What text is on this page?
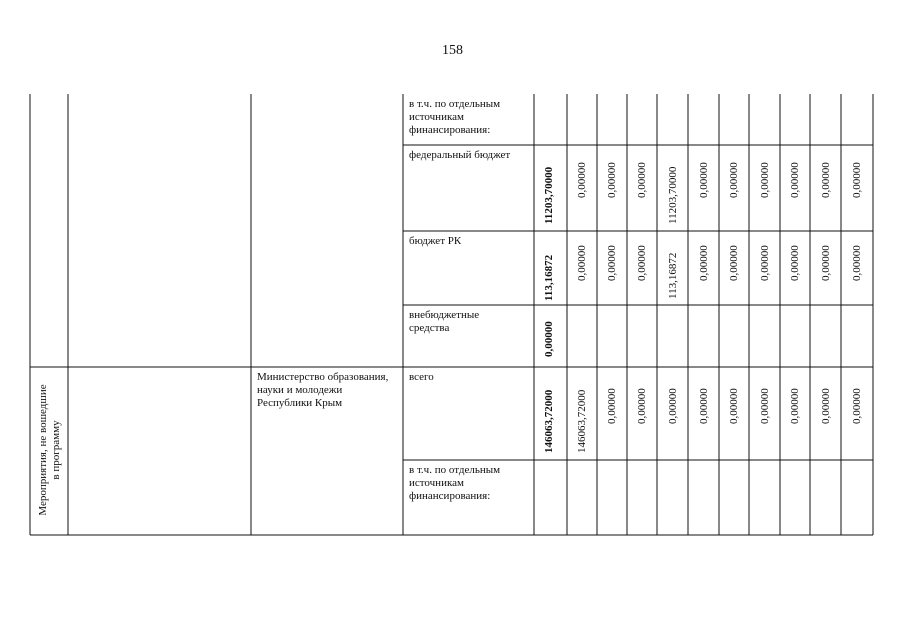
158
в т.ч. по отдельным источникам финансирования:
федеральный бюджет
бюджет РК
внебюджетные средства
11203,70000 0,00000 0,00000 0,00000 11203,70000 0,00000 0,00000 0,00000 0,00000 0,00000 0,00000
113,16872 0,00000 0,00000 0,00000 113,16872 0,00000 0,00000 0,00000 0,00000 0,00000 0,00000
0,00000
Мероприятия, не вошедшие в программу
Министерство образования, науки и молодежи Республики Крым
всего
в т.ч. по отдельным источникам финансирования:
146063,72000 146063,72000 0,00000 0,00000 0,00000 0,00000 0,00000 0,00000 0,00000 0,00000 0,00000
